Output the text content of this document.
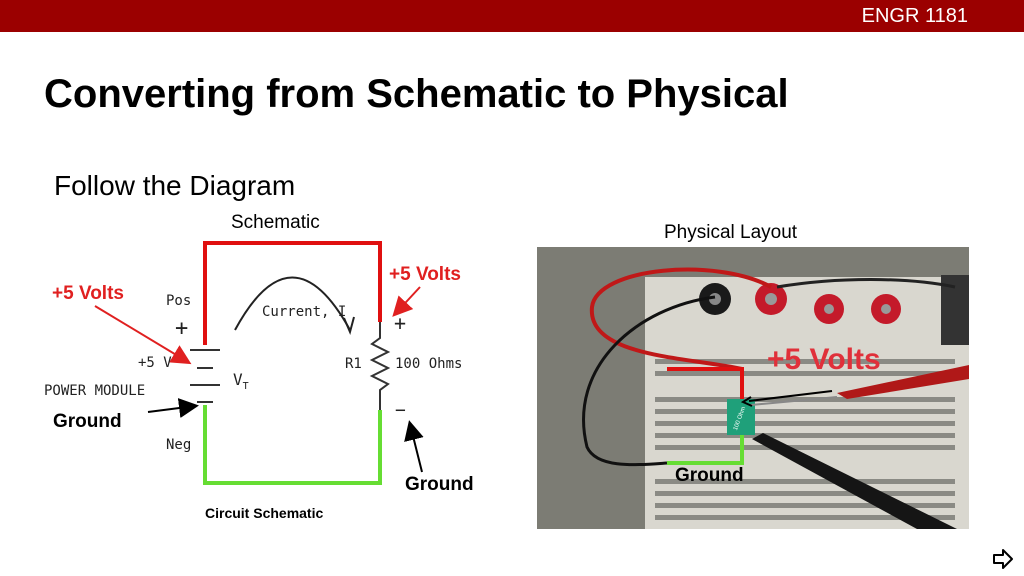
ENGR 1181
Converting from Schematic to Physical
Follow the Diagram
Schematic
Pos
+
+5 V
POWER MODULE
$V_T$
Neg
Current, I
R1 100 Ohms
+
−
+5 Volts
Ground
+5 Volts
Ground
Circuit Schematic
Physical Layout
100 Ohm
+5 Volts
Ground
